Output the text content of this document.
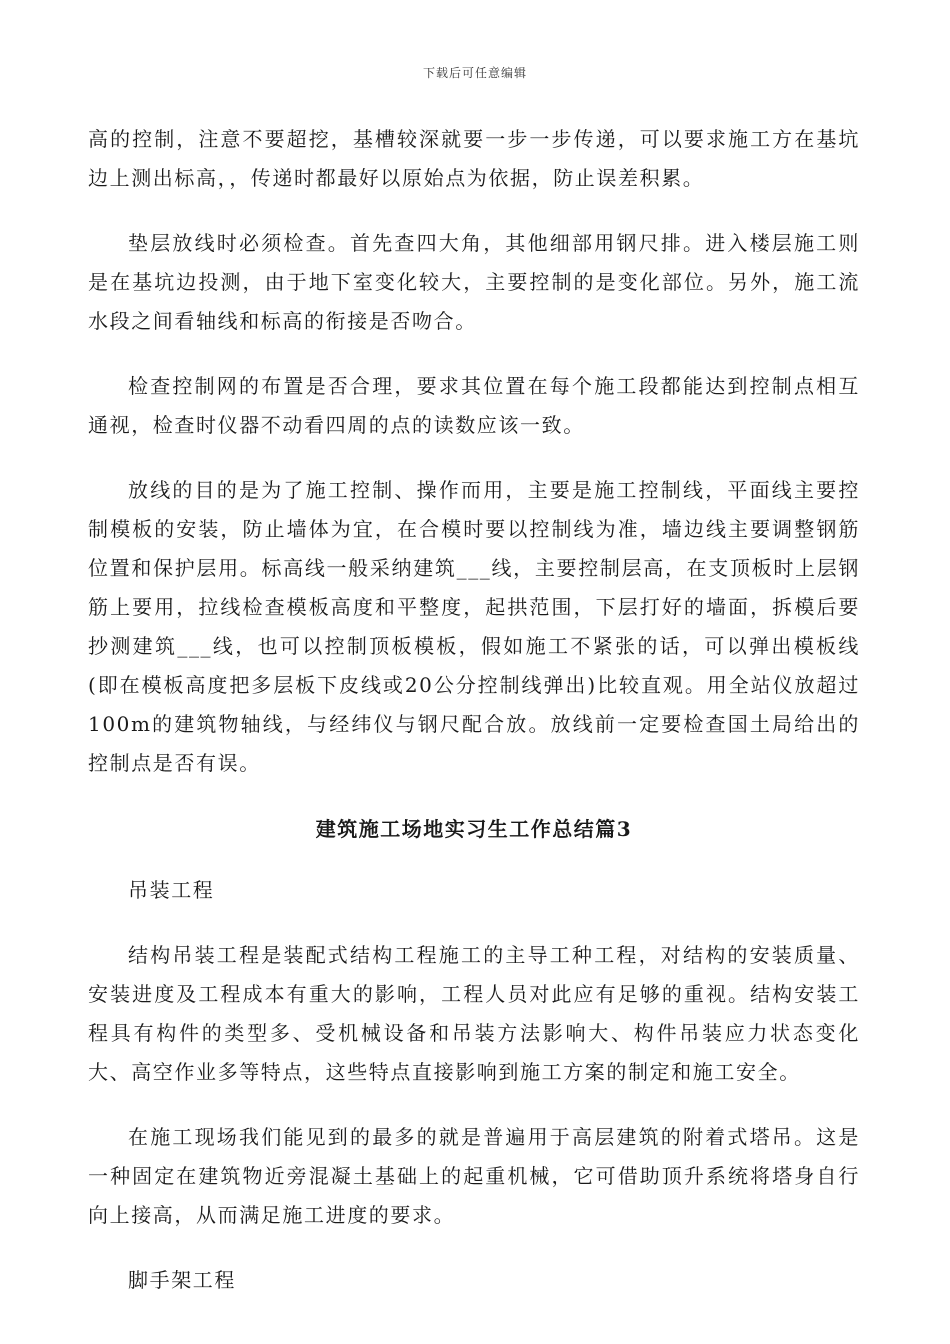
下载后可任意编辑

高的控制，注意不要超挖，基槽较深就要一步一步传递，可以要求施工方在基坑边上测出标高，，传递时都最好以原始点为依据，防止误差积累。

垫层放线时必须检查。首先查四大角，其他细部用钢尺排。进入楼层施工则是在基坑边投测，由于地下室变化较大，主要控制的是变化部位。另外，施工流水段之间看轴线和标高的衔接是否吻合。

检查控制网的布置是否合理，要求其位置在每个施工段都能达到控制点相互通视，检查时仪器不动看四周的点的读数应该一致。

放线的目的是为了施工控制、操作而用，主要是施工控制线，平面线主要控制模板的安装，防止墙体为宜，在合模时要以控制线为准，墙边线主要调整钢筋位置和保护层用。标高线一般采纳建筑___线，主要控制层高，在支顶板时上层钢筋上要用，拉线检查模板高度和平整度，起拱范围，下层打好的墙面，拆模后要抄测建筑___线，也可以控制顶板模板，假如施工不紧张的话，可以弹出模板线(即在模板高度把多层板下皮线或20公分控制线弹出)比较直观。用全站仪放超过100m的建筑物轴线，与经纬仪与钢尺配合放。放线前一定要检查国土局给出的控制点是否有误。

建筑施工场地实习生工作总结篇3
吊装工程

结构吊装工程是装配式结构工程施工的主导工种工程，对结构的安装质量、安装进度及工程成本有重大的影响，工程人员对此应有足够的重视。结构安装工程具有构件的类型多、受机械设备和吊装方法影响大、构件吊装应力状态变化大、高空作业多等特点，这些特点直接影响到施工方案的制定和施工安全。

在施工现场我们能见到的最多的就是普遍用于高层建筑的附着式塔吊。这是一种固定在建筑物近旁混凝土基础上的起重机械，它可借助顶升系统将塔身自行向上接高，从而满足施工进度的要求。

脚手架工程
